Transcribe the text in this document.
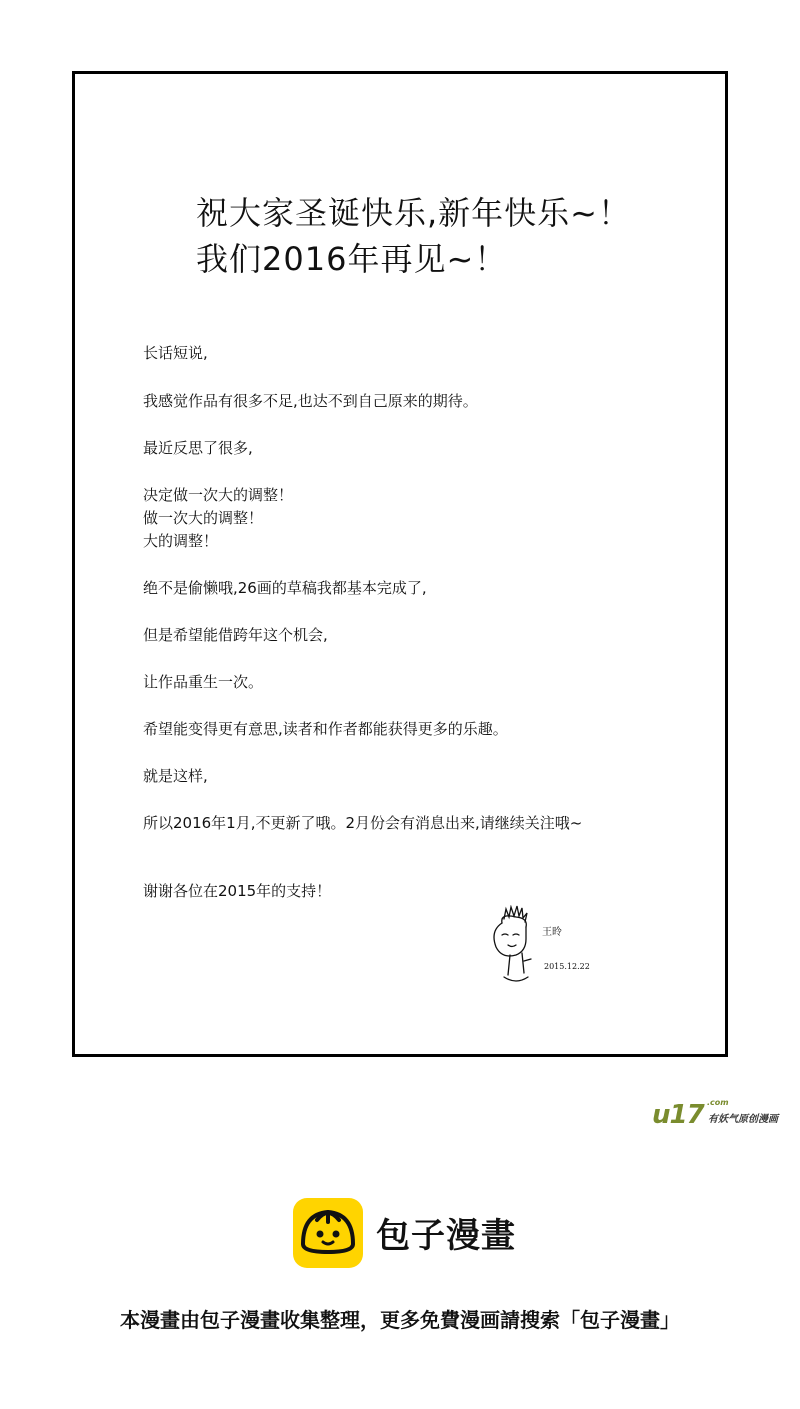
祝大家圣诞快乐,新年快乐~！
我们2016年再见~！
长话短说,
我感觉作品有很多不足,也达不到自己原来的期待。
最近反思了很多,
决定做一次大的调整！
做一次大的调整！
大的调整！
绝不是偷懒哦,26画的草稿我都基本完成了,
但是希望能借跨年这个机会,
让作品重生一次。
希望能变得更有意思,读者和作者都能获得更多的乐趣。
就是这样,
所以2016年1月,不更新了哦。2月份会有消息出来,请继续关注哦~
谢谢各位在2015年的支持！
王昤
2015.12.22
u17 .com
有妖气原创漫画
包子漫畫
本漫畫由包子漫畫收集整理，更多免費漫画請搜索「包子漫畫」
